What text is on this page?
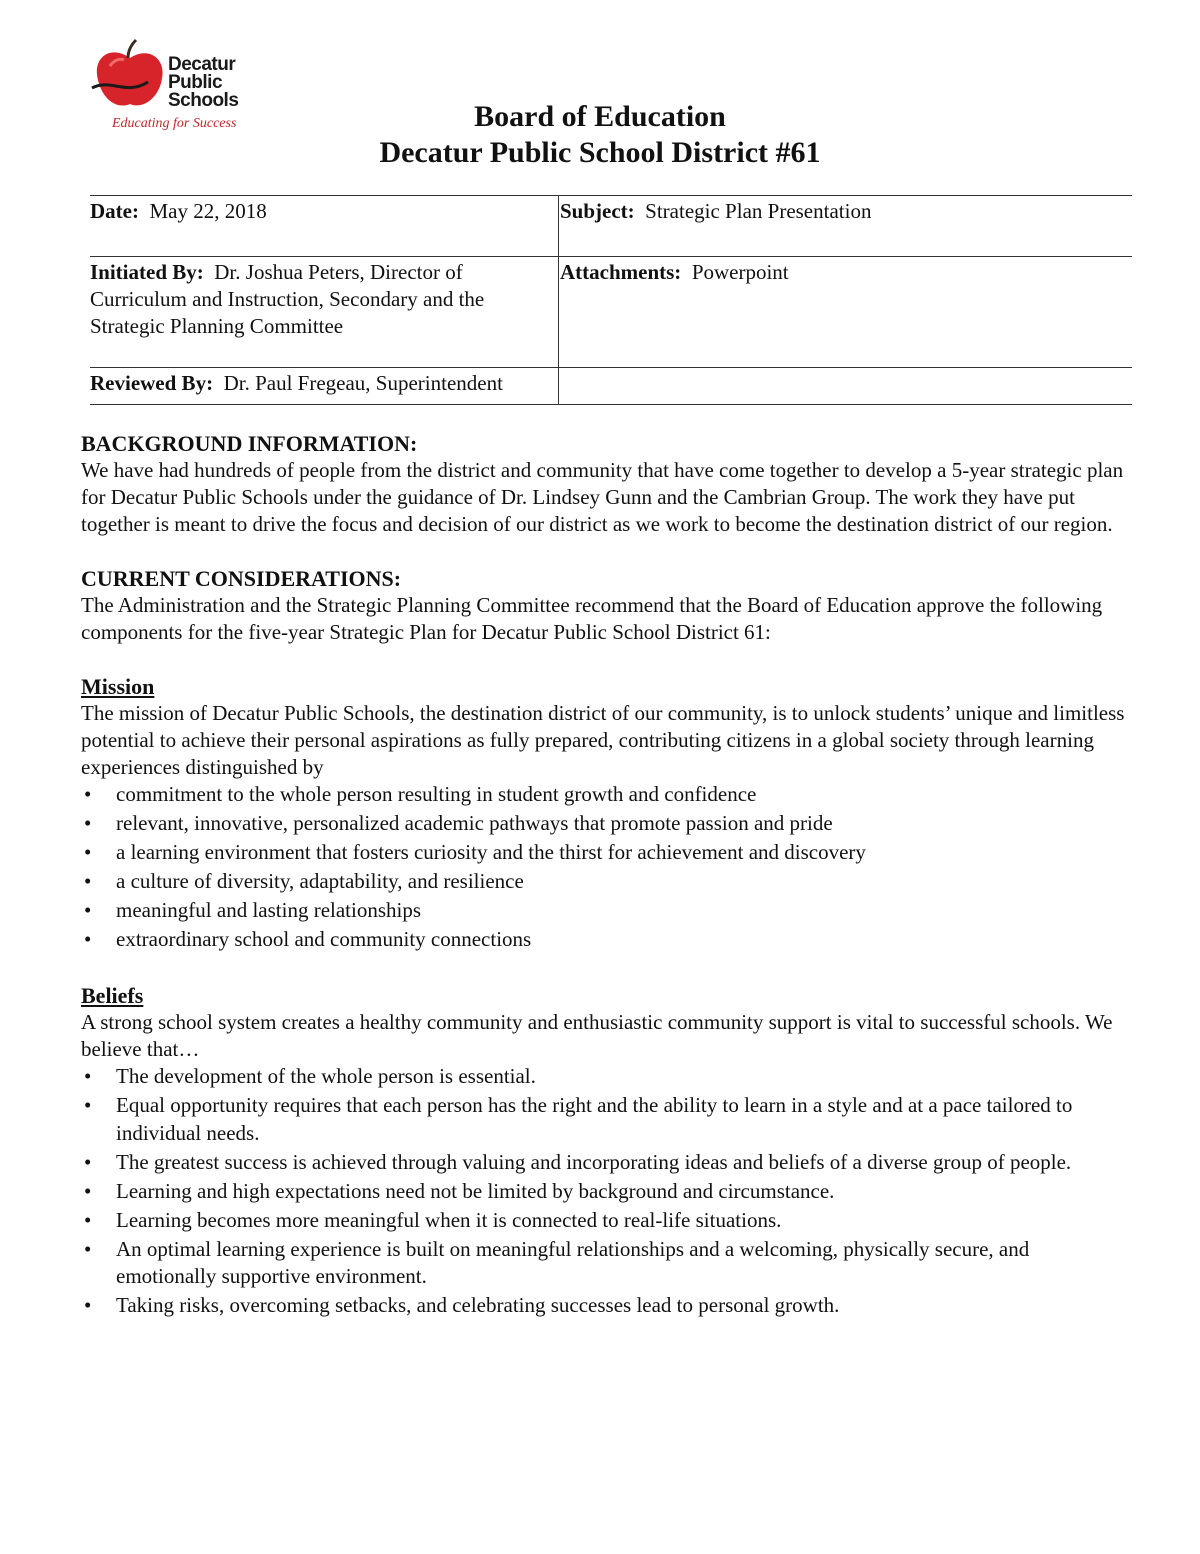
Decatur
Public
Schools
Educating for Success	Board of Education
Decatur Public School District #61
Date: May 22, 2018	Subject: Strategic Plan Presentation
Initiated By: Dr. Joshua Peters, Director of Curriculum and Instruction, Secondary and the Strategic Planning Committee	Attachments: Powerpoint
Reviewed By: Dr. Paul Fregeau, Superintendent	

BACKGROUND INFORMATION:

We have had hundreds of people from the district and community that have come together to develop a 5-year strategic plan for Decatur Public Schools under the guidance of Dr. Lindsey Gunn and the Cambrian Group. The work they have put together is meant to drive the focus and decision of our district as we work to become the destination district of our region.

CURRENT CONSIDERATIONS:

The Administration and the Strategic Planning Committee recommend that the Board of Education approve the following components for the five-year Strategic Plan for Decatur Public School District 61:

Mission

The mission of Decatur Public Schools, the destination district of our community, is to unlock students’ unique and limitless potential to achieve their personal aspirations as fully prepared, contributing citizens in a global society through learning experiences distinguished by

• commitment to the whole person resulting in student growth and confidence
• relevant, innovative, personalized academic pathways that promote passion and pride
• a learning environment that fosters curiosity and the thirst for achievement and discovery
• a culture of diversity, adaptability, and resilience
• meaningful and lasting relationships
• extraordinary school and community connections

Beliefs

A strong school system creates a healthy community and enthusiastic community support is vital to successful schools. We believe that…

• The development of the whole person is essential.
• Equal opportunity requires that each person has the right and the ability to learn in a style and at a pace tailored to individual needs.
• The greatest success is achieved through valuing and incorporating ideas and beliefs of a diverse group of people.
• Learning and high expectations need not be limited by background and circumstance.
• Learning becomes more meaningful when it is connected to real-life situations.
• An optimal learning experience is built on meaningful relationships and a welcoming, physically secure, and emotionally supportive environment.
• Taking risks, overcoming setbacks, and celebrating successes lead to personal growth.
